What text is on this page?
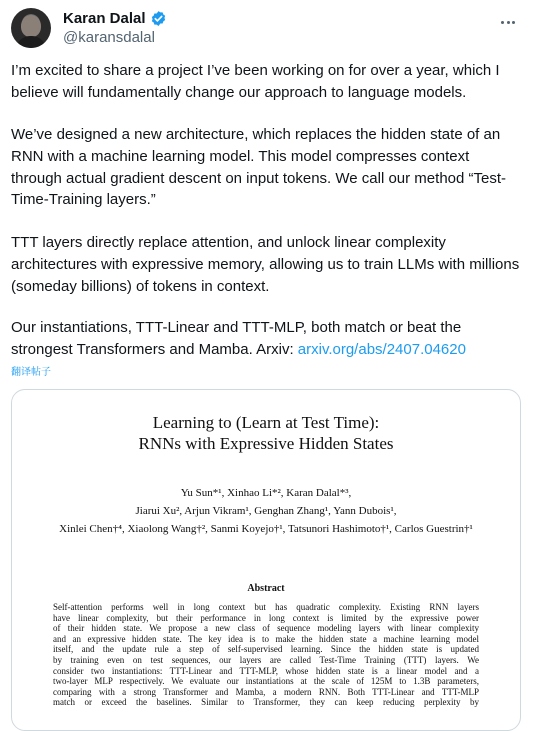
Karan Dalal
@karansdalal

I’m excited to share a project I’ve been working on for over a year, which I believe will fundamentally change our approach to language models.

We’ve designed a new architecture, which replaces the hidden state of an RNN with a machine learning model. This model compresses context through actual gradient descent on input tokens. We call our method “Test-Time-Training layers.”

TTT layers directly replace attention, and unlock linear complexity architectures with expressive memory, allowing us to train LLMs with millions (someday billions) of tokens in context.

Our instantiations, TTT-Linear and TTT-MLP, both match or beat the strongest Transformers and Mamba. Arxiv: arxiv.org/abs/2407.04620

翻译帖子
Learning to (Learn at Test Time):
RNNs with Expressive Hidden States
Yu Sun*¹, Xinhao Li*², Karan Dalal*³,
Jiarui Xu², Arjun Vikram¹, Genghan Zhang¹, Yann Dubois¹,
Xinlei Chen†⁴, Xiaolong Wang†², Sanmi Koyejo†¹, Tatsunori Hashimoto†¹, Carlos Guestrin†¹
Abstract
Self-attention performs well in long context but has quadratic complexity. Existing RNN layers
have linear complexity, but their performance in long context is limited by the expressive power
of their hidden state. We propose a new class of sequence modeling layers with linear complexity
and an expressive hidden state. The key idea is to make the hidden state a machine learning model
itself, and the update rule a step of self-supervised learning. Since the hidden state is updated
by training even on test sequences, our layers are called Test-Time Training (TTT) layers. We
consider two instantiations: TTT-Linear and TTT-MLP, whose hidden state is a linear model and a
two-layer MLP respectively. We evaluate our instantiations at the scale of 125M to 1.3B parameters,
comparing with a strong Transformer and Mamba, a modern RNN. Both TTT-Linear and TTT-MLP
match or exceed the baselines. Similar to Transformer, they can keep reducing perplexity by
